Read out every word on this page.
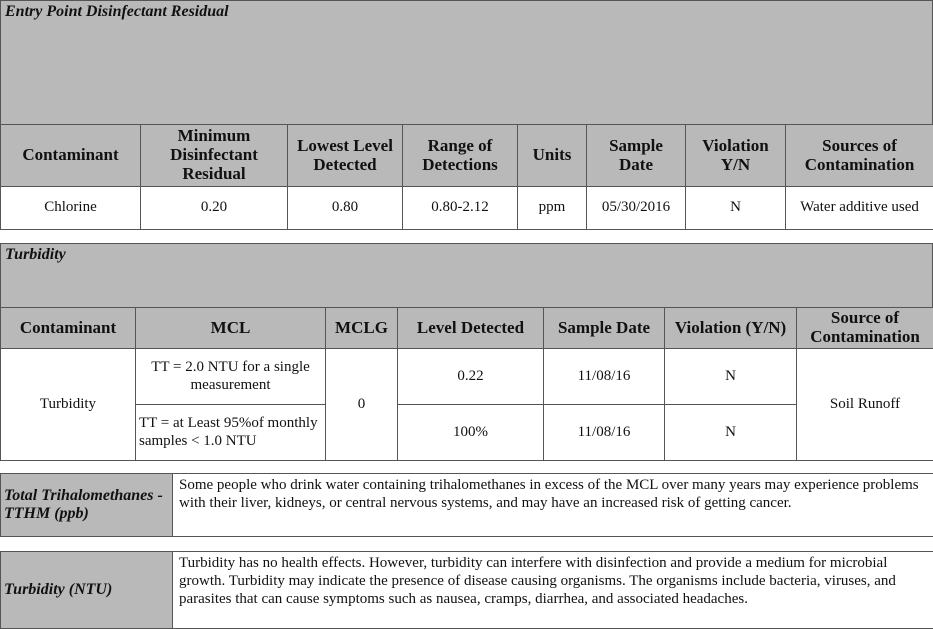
Entry Point Disinfectant Residual
Contaminant	Minimum Disinfectant Residual	Lowest Level Detected	Range of Detections	Units	Sample Date	Violation Y/N	Sources of Contamination
Chlorine	0.20	0.80	0.80-2.12	ppm	05/30/2016	N	Water additive used
Turbidity
Contaminant	MCL	MCLG	Level Detected	Sample Date	Violation (Y/N)	Source of Contamination
Turbidity	TT = 2.0 NTU for a single measurement	0	0.22	11/08/16	N	Soil Runoff
	TT = at Least 95%of monthly samples < 1.0 NTU		100%	11/08/16	N	
Total Trihalomethanes - TTHM (ppb)	Some people who drink water containing trihalomethanes in excess of the MCL over many years may experience problems with their liver, kidneys, or central nervous systems, and may have an increased risk of getting cancer.
Turbidity (NTU)	Turbidity has no health effects. However, turbidity can interfere with disinfection and provide a medium for microbial growth. Turbidity may indicate the presence of disease causing organisms. The organisms include bacteria, viruses, and parasites that can cause symptoms such as nausea, cramps, diarrhea, and associated headaches.
